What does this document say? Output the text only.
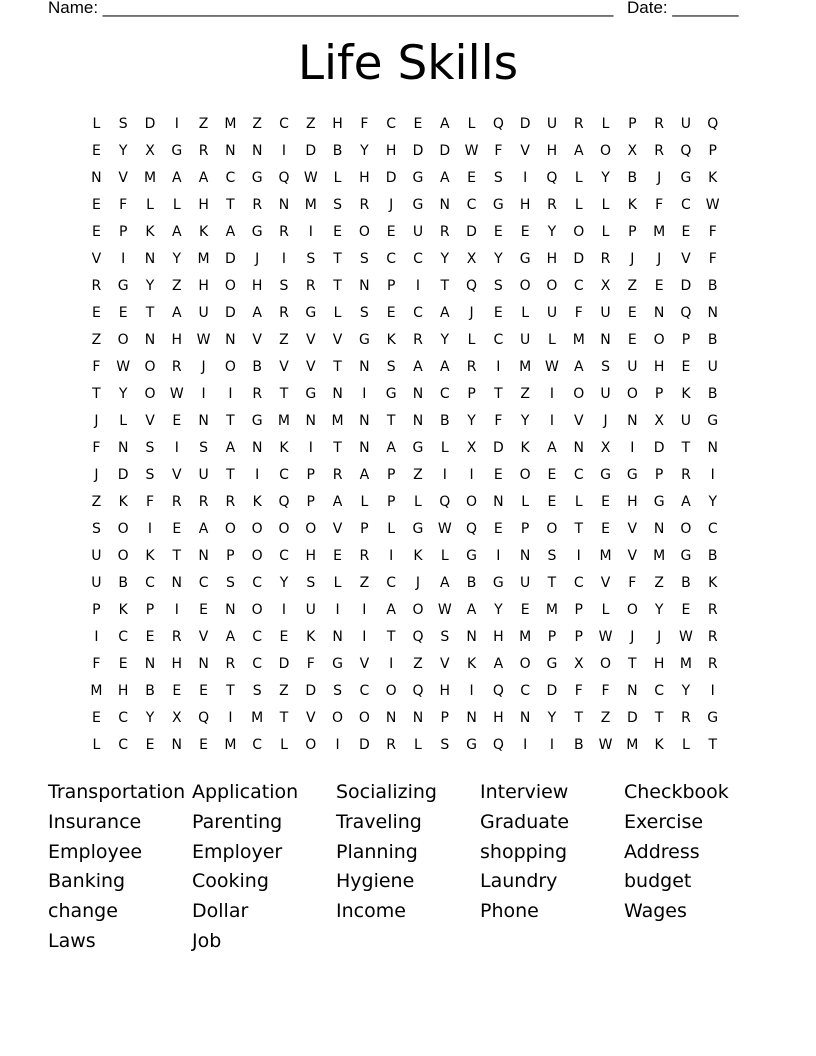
Name: ______________________________________________________ Date: _______
Life Skills
L	S	D	I	Z	M	Z	C	Z	H	F	C	E	A	L	Q	D	U	R	L	P	R	U	Q
E	Y	X	G	R	N	N	I	D	B	Y	H	D	D	W	F	V	H	A	O	X	R	Q	P
N	V	M	A	A	C	G	Q	W	L	H	D	G	A	E	S	I	Q	L	Y	B	J	G	K
E	F	L	L	H	T	R	N	M	S	R	J	G	N	C	G	H	R	L	L	K	F	C	W
E	P	K	A	K	A	G	R	I	E	O	E	U	R	D	E	E	Y	O	L	P	M	E	F
V	I	N	Y	M	D	J	I	S	T	S	C	C	Y	X	Y	G	H	D	R	J	J	V	F
R	G	Y	Z	H	O	H	S	R	T	N	P	I	T	Q	S	O	O	C	X	Z	E	D	B
E	E	T	A	U	D	A	R	G	L	S	E	C	A	J	E	L	U	F	U	E	N	Q	N
Z	O	N	H	W	N	V	Z	V	V	G	K	R	Y	L	C	U	L	M	N	E	O	P	B
F	W	O	R	J	O	B	V	V	T	N	S	A	A	R	I	M W	A	S	U	H	E	U
T	Y	O	W	I	I	R	T	G	N	I	G	N	C	P	T	Z	I	O	U	O	P	K	B
J	L	V	E	N	T	G	M	N	M	N	T	N	B	Y	F	Y	I	V	J	N	X	U	G
F	N	S	I	S	A	N	K	I	T	N	A	G	L	X	D	K	A	N	X	I	D	T	N
J	D	S	V	U	T	I	C	P	R	A	P	Z	I	I	E	O	E	C	G	G	P	R	I
Z	K	F	R	R	R	K	Q	P	A	L	P	L	Q	O	N	L	E	L	E	H	G	A	Y
S	O	I	E	A	O	O	O	O	V	P	L	G	W	Q	E	P	O	T	E	V	N	O	C
U	O	K	T	N	P	O	C	H	E	R	I	K	L	G	I	N	S	I	M	V	M	G	B
U	B	C	N	C	S	C	Y	S	L	Z	C	J	A	B	G	U	T	C	V	F	Z	B	K
P	K	P	I	E	N	O	I	U	I	I	A	O	W	A	Y	E	M	P	L	O	Y	E	R
I	C	E	R	V	A	C	E	K	N	I	T	Q	S	N	H	M	P	P	W	J	J	W	R
F	E	N	H	N	R	C	D	F	G	V	I	Z	V	K	A	O	G	X	O	T	H	M	R
M	H	B	E	E	T	S	Z	D	S	C	O	Q	H	I	Q	C	D	F	F	N	C	Y	I
E	C	Y	X	Q	I	M	T	V	O	O	N	N	P	N	H	N	Y	T	Z	D	T	R	G
L	C	E	N	E	M	C	L	O	I	D	R	L	S	G	Q	I	I	B	W M	K	L	T
Transportation Application	Socializing	Interview	Checkbook
Insurance	Parenting	Traveling	Graduate	Exercise
Employee	Employer	Planning	shopping	Address
Banking	Cooking	Hygiene	Laundry	budget
change	Dollar	Income	Phone	Wages
Laws	Job
